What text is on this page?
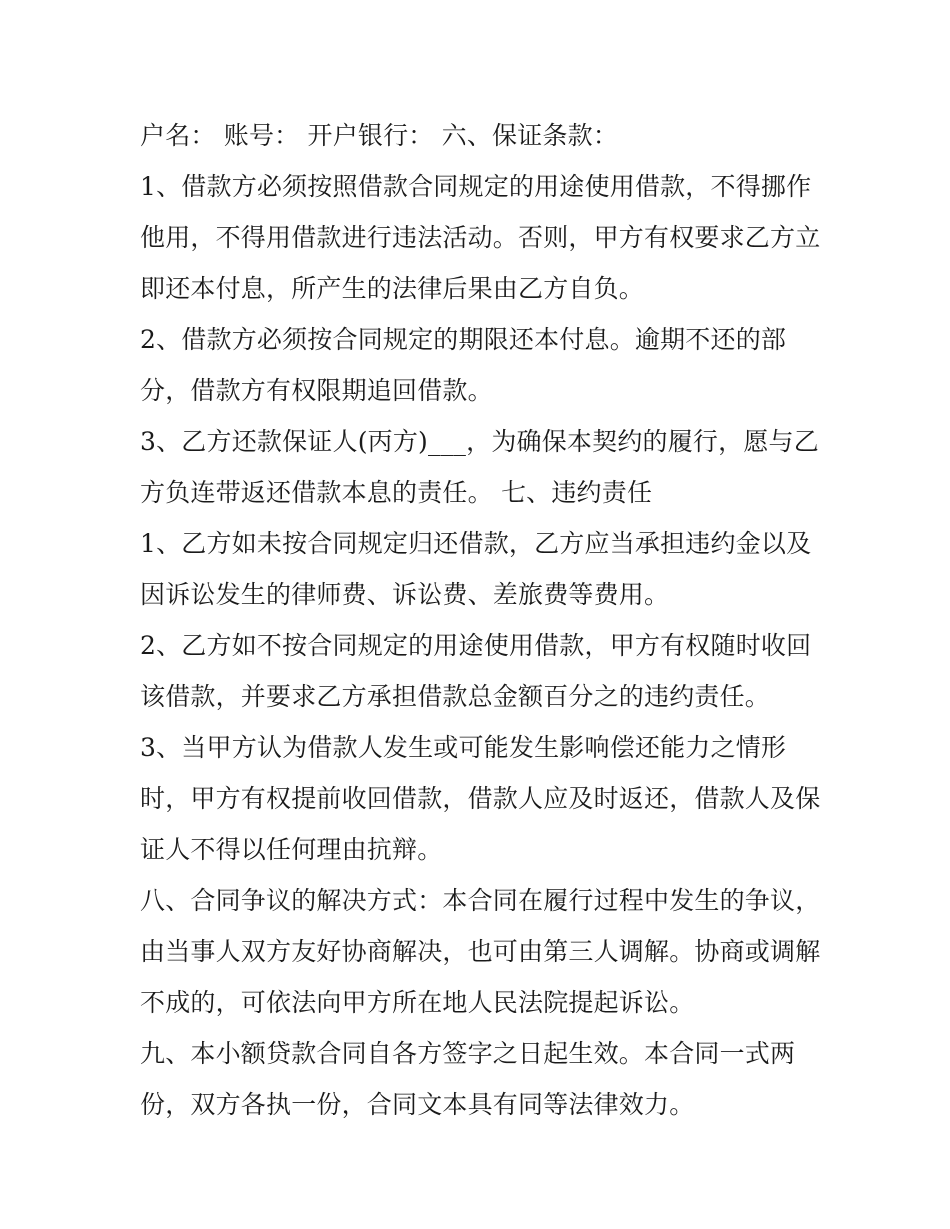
户名： 账号： 开户银行： 六、保证条款：
1、借款方必须按照借款合同规定的用途使用借款，不得挪作
他用，不得用借款进行违法活动。否则，甲方有权要求乙方立
即还本付息，所产生的法律后果由乙方自负。
2、借款方必须按合同规定的期限还本付息。逾期不还的部
分，借款方有权限期追回借款。
3、乙方还款保证人(丙方)___，为确保本契约的履行，愿与乙
方负连带返还借款本息的责任。 七、违约责任
1、乙方如未按合同规定归还借款，乙方应当承担违约金以及
因诉讼发生的律师费、诉讼费、差旅费等费用。
2、乙方如不按合同规定的用途使用借款，甲方有权随时收回
该借款，并要求乙方承担借款总金额百分之的违约责任。
3、当甲方认为借款人发生或可能发生影响偿还能力之情形
时，甲方有权提前收回借款，借款人应及时返还，借款人及保
证人不得以任何理由抗辩。
八、合同争议的解决方式：本合同在履行过程中发生的争议，
由当事人双方友好协商解决，也可由第三人调解。协商或调解
不成的，可依法向甲方所在地人民法院提起诉讼。
九、本小额贷款合同自各方签字之日起生效。本合同一式两
份，双方各执一份，合同文本具有同等法律效力。
